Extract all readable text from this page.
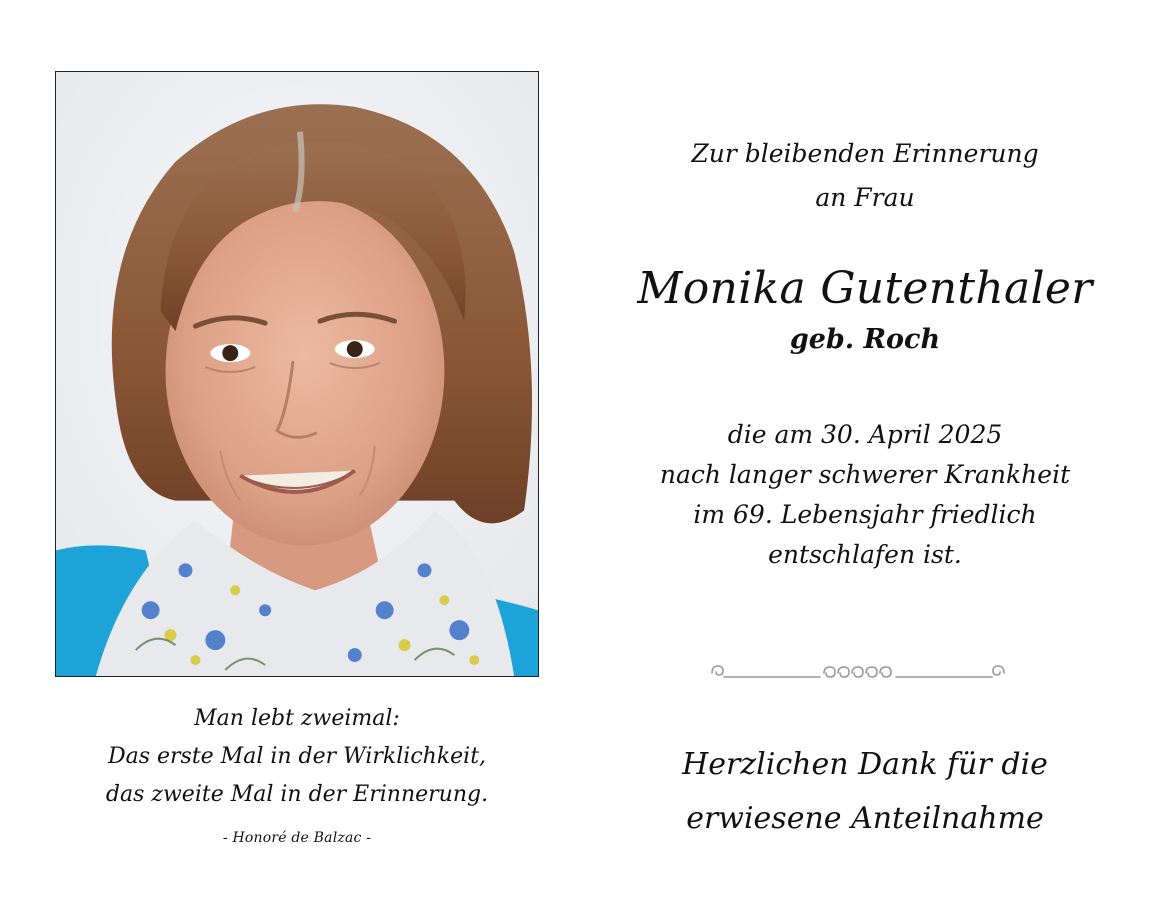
Man lebt zweimal:
Das erste Mal in der Wirklichkeit,
das zweite Mal in der Erinnerung.
- Honoré de Balzac -
Zur bleibenden Erinnerung
an Frau
Monika Gutenthaler
geb. Roch
die am 30. April 2025
nach langer schwerer Krankheit
im 69. Lebensjahr friedlich
entschlafen ist.
Herzlichen Dank für die
erwiesene Anteilnahme
